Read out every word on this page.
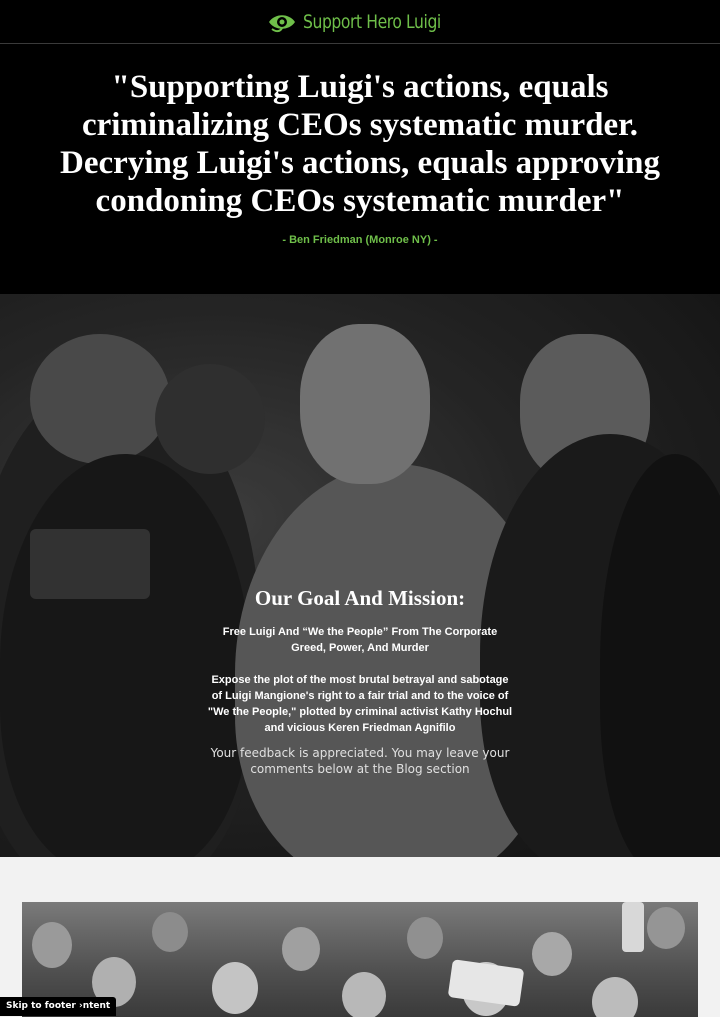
Support Hero Luigi
"Supporting Luigi's actions, equals criminalizing CEOs systematic murder. Decrying Luigi's actions, equals approving condoning CEOs systematic murder"
- Ben Friedman (Monroe NY) -
Our Goal And Mission:

Free Luigi And “We the People” From The Corporate Greed, Power, And Murder

Expose the plot of the most brutal betrayal and sabotage of Luigi Mangione's right to a fair trial and to the voice of "We the People," plotted by criminal activist Kathy Hochul and vicious Keren Friedman Agnifilo

Your feedback is appreciated. You may leave your comments below at the Blog section

Skip to footer ›ntent
